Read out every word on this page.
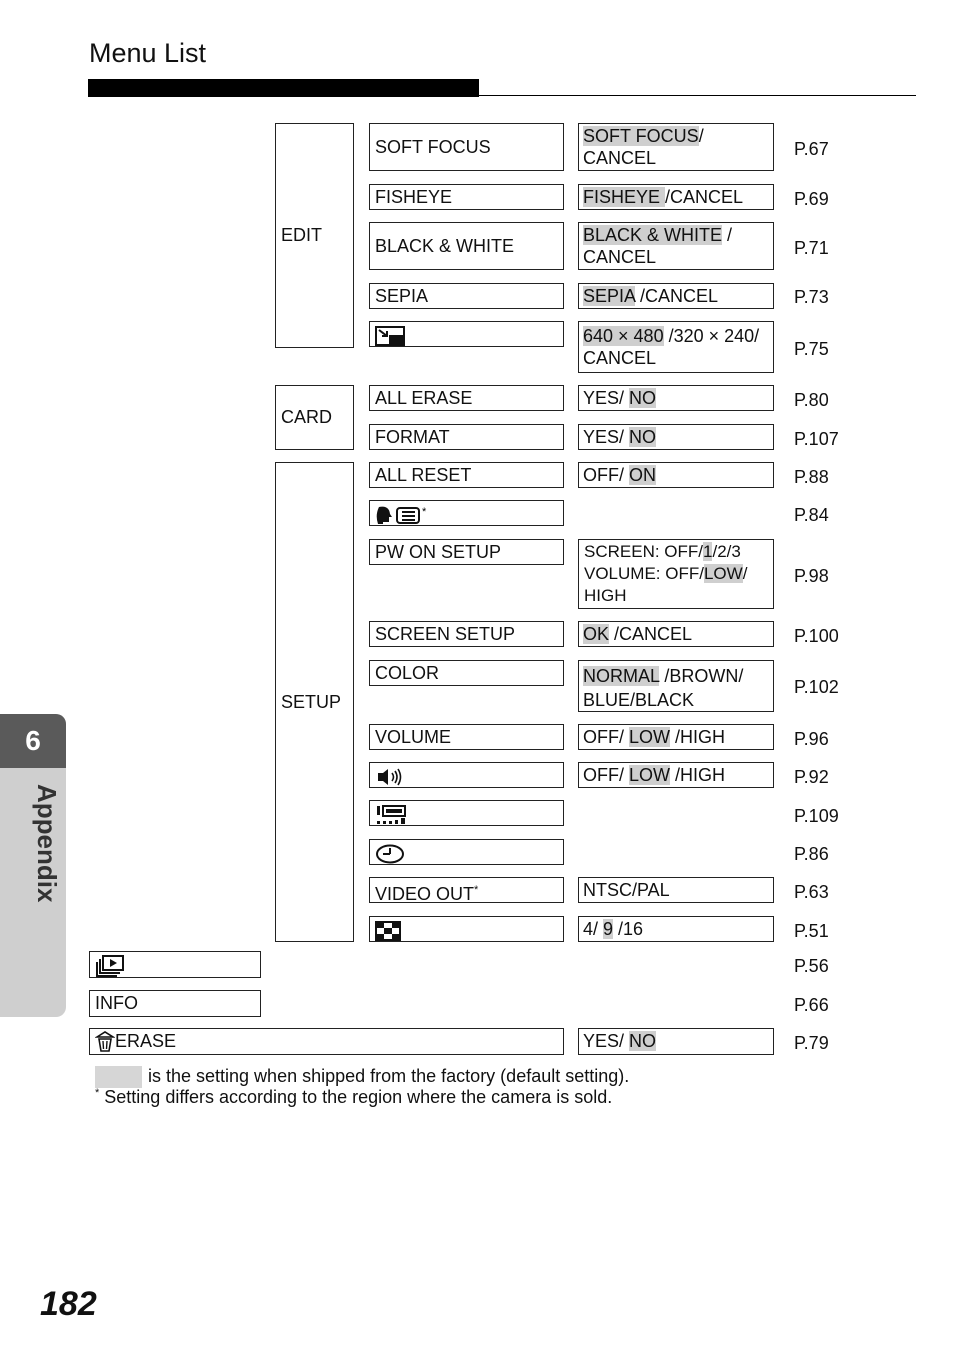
Menu List
EDIT
CARD
SETUP
SOFT FOCUS
FISHEYE
BLACK & WHITE
SEPIA
ALL ERASE
FORMAT
ALL RESET
*
PW ON SETUP
SCREEN SETUP
COLOR
VOLUME
VIDEO OUT*
INFO
ERASE
SOFT FOCUS/
CANCEL
FISHEYE /CANCEL
BLACK & WHITE /
CANCEL
SEPIA /CANCEL
640 × 480 /320 × 240/
CANCEL
YES/ NO
YES/ NO
OFF/ ON
SCREEN: OFF/1/2/3
VOLUME: OFF/LOW/
HIGH
OK /CANCEL
NORMAL /BROWN/
BLUE/BLACK
OFF/ LOW /HIGH
OFF/ LOW /HIGH
NTSC/PAL
4/ 9 /16
YES/ NO
P.67
P.69
P.71
P.73
P.75
P.80
P.107
P.88
P.84
P.98
P.100
P.102
P.96
P.92
P.109
P.86
P.63
P.51
P.56
P.66
P.79
is the setting when shipped from the factory (default setting).
* Setting differs according to the region where the camera is sold.
6
Appendix
182
